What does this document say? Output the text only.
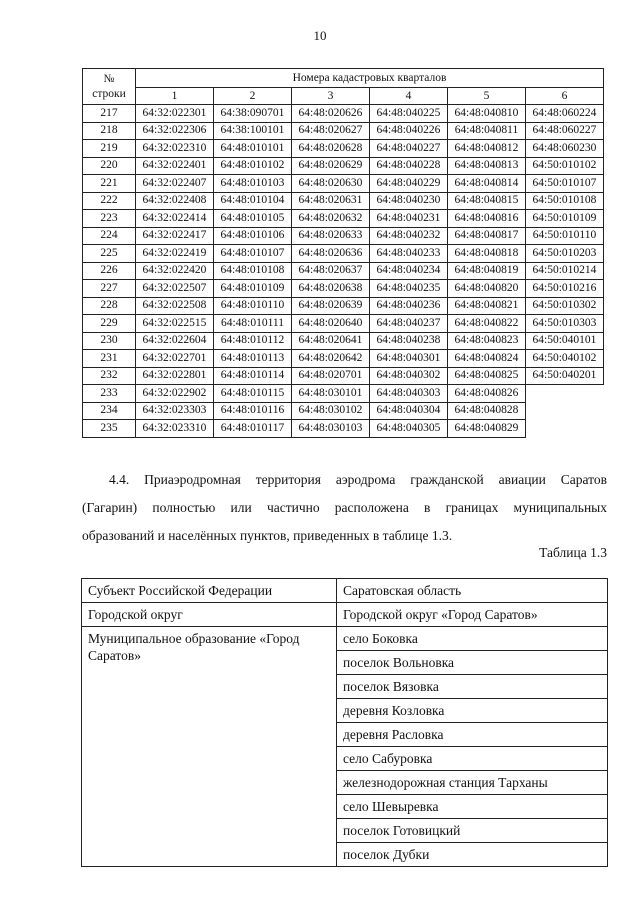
10
№
строки	Номера кадастровых кварталов					
	1	2	3	4	5	6
217	64:32:022301	64:38:090701	64:48:020626	64:48:040225	64:48:040810	64:48:060224
218	64:32:022306	64:38:100101	64:48:020627	64:48:040226	64:48:040811	64:48:060227
219	64:32:022310	64:48:010101	64:48:020628	64:48:040227	64:48:040812	64:48:060230
220	64:32:022401	64:48:010102	64:48:020629	64:48:040228	64:48:040813	64:50:010102
221	64:32:022407	64:48:010103	64:48:020630	64:48:040229	64:48:040814	64:50:010107
222	64:32:022408	64:48:010104	64:48:020631	64:48:040230	64:48:040815	64:50:010108
223	64:32:022414	64:48:010105	64:48:020632	64:48:040231	64:48:040816	64:50:010109
224	64:32:022417	64:48:010106	64:48:020633	64:48:040232	64:48:040817	64:50:010110
225	64:32:022419	64:48:010107	64:48:020636	64:48:040233	64:48:040818	64:50:010203
226	64:32:022420	64:48:010108	64:48:020637	64:48:040234	64:48:040819	64:50:010214
227	64:32:022507	64:48:010109	64:48:020638	64:48:040235	64:48:040820	64:50:010216
228	64:32:022508	64:48:010110	64:48:020639	64:48:040236	64:48:040821	64:50:010302
229	64:32:022515	64:48:010111	64:48:020640	64:48:040237	64:48:040822	64:50:010303
230	64:32:022604	64:48:010112	64:48:020641	64:48:040238	64:48:040823	64:50:040101
231	64:32:022701	64:48:010113	64:48:020642	64:48:040301	64:48:040824	64:50:040102
232	64:32:022801	64:48:010114	64:48:020701	64:48:040302	64:48:040825	64:50:040201
233	64:32:022902	64:48:010115	64:48:030101	64:48:040303	64:48:040826	
234	64:32:023303	64:48:010116	64:48:030102	64:48:040304	64:48:040828	
235	64:32:023310	64:48:010117	64:48:030103	64:48:040305	64:48:040829	
4.4. Приаэродромная территория аэродрома гражданской авиации Саратов
(Гагарин) полностью или частично расположена в границах муниципальных
образований и населённых пунктов, приведенных в таблице 1.3.
Таблица 1.3
Субъект Российской Федерации	Саратовская область
Городской округ	Городской округ «Город Саратов»
Муниципальное образование «Город Саратов»	село Боковка
	поселок Вольновка
	поселок Вязовка
	деревня Козловка
	деревня Расловка
	село Сабуровка
	железнодорожная станция Тарханы
	село Шевыревка
	поселок Готовицкий
	поселок Дубки
